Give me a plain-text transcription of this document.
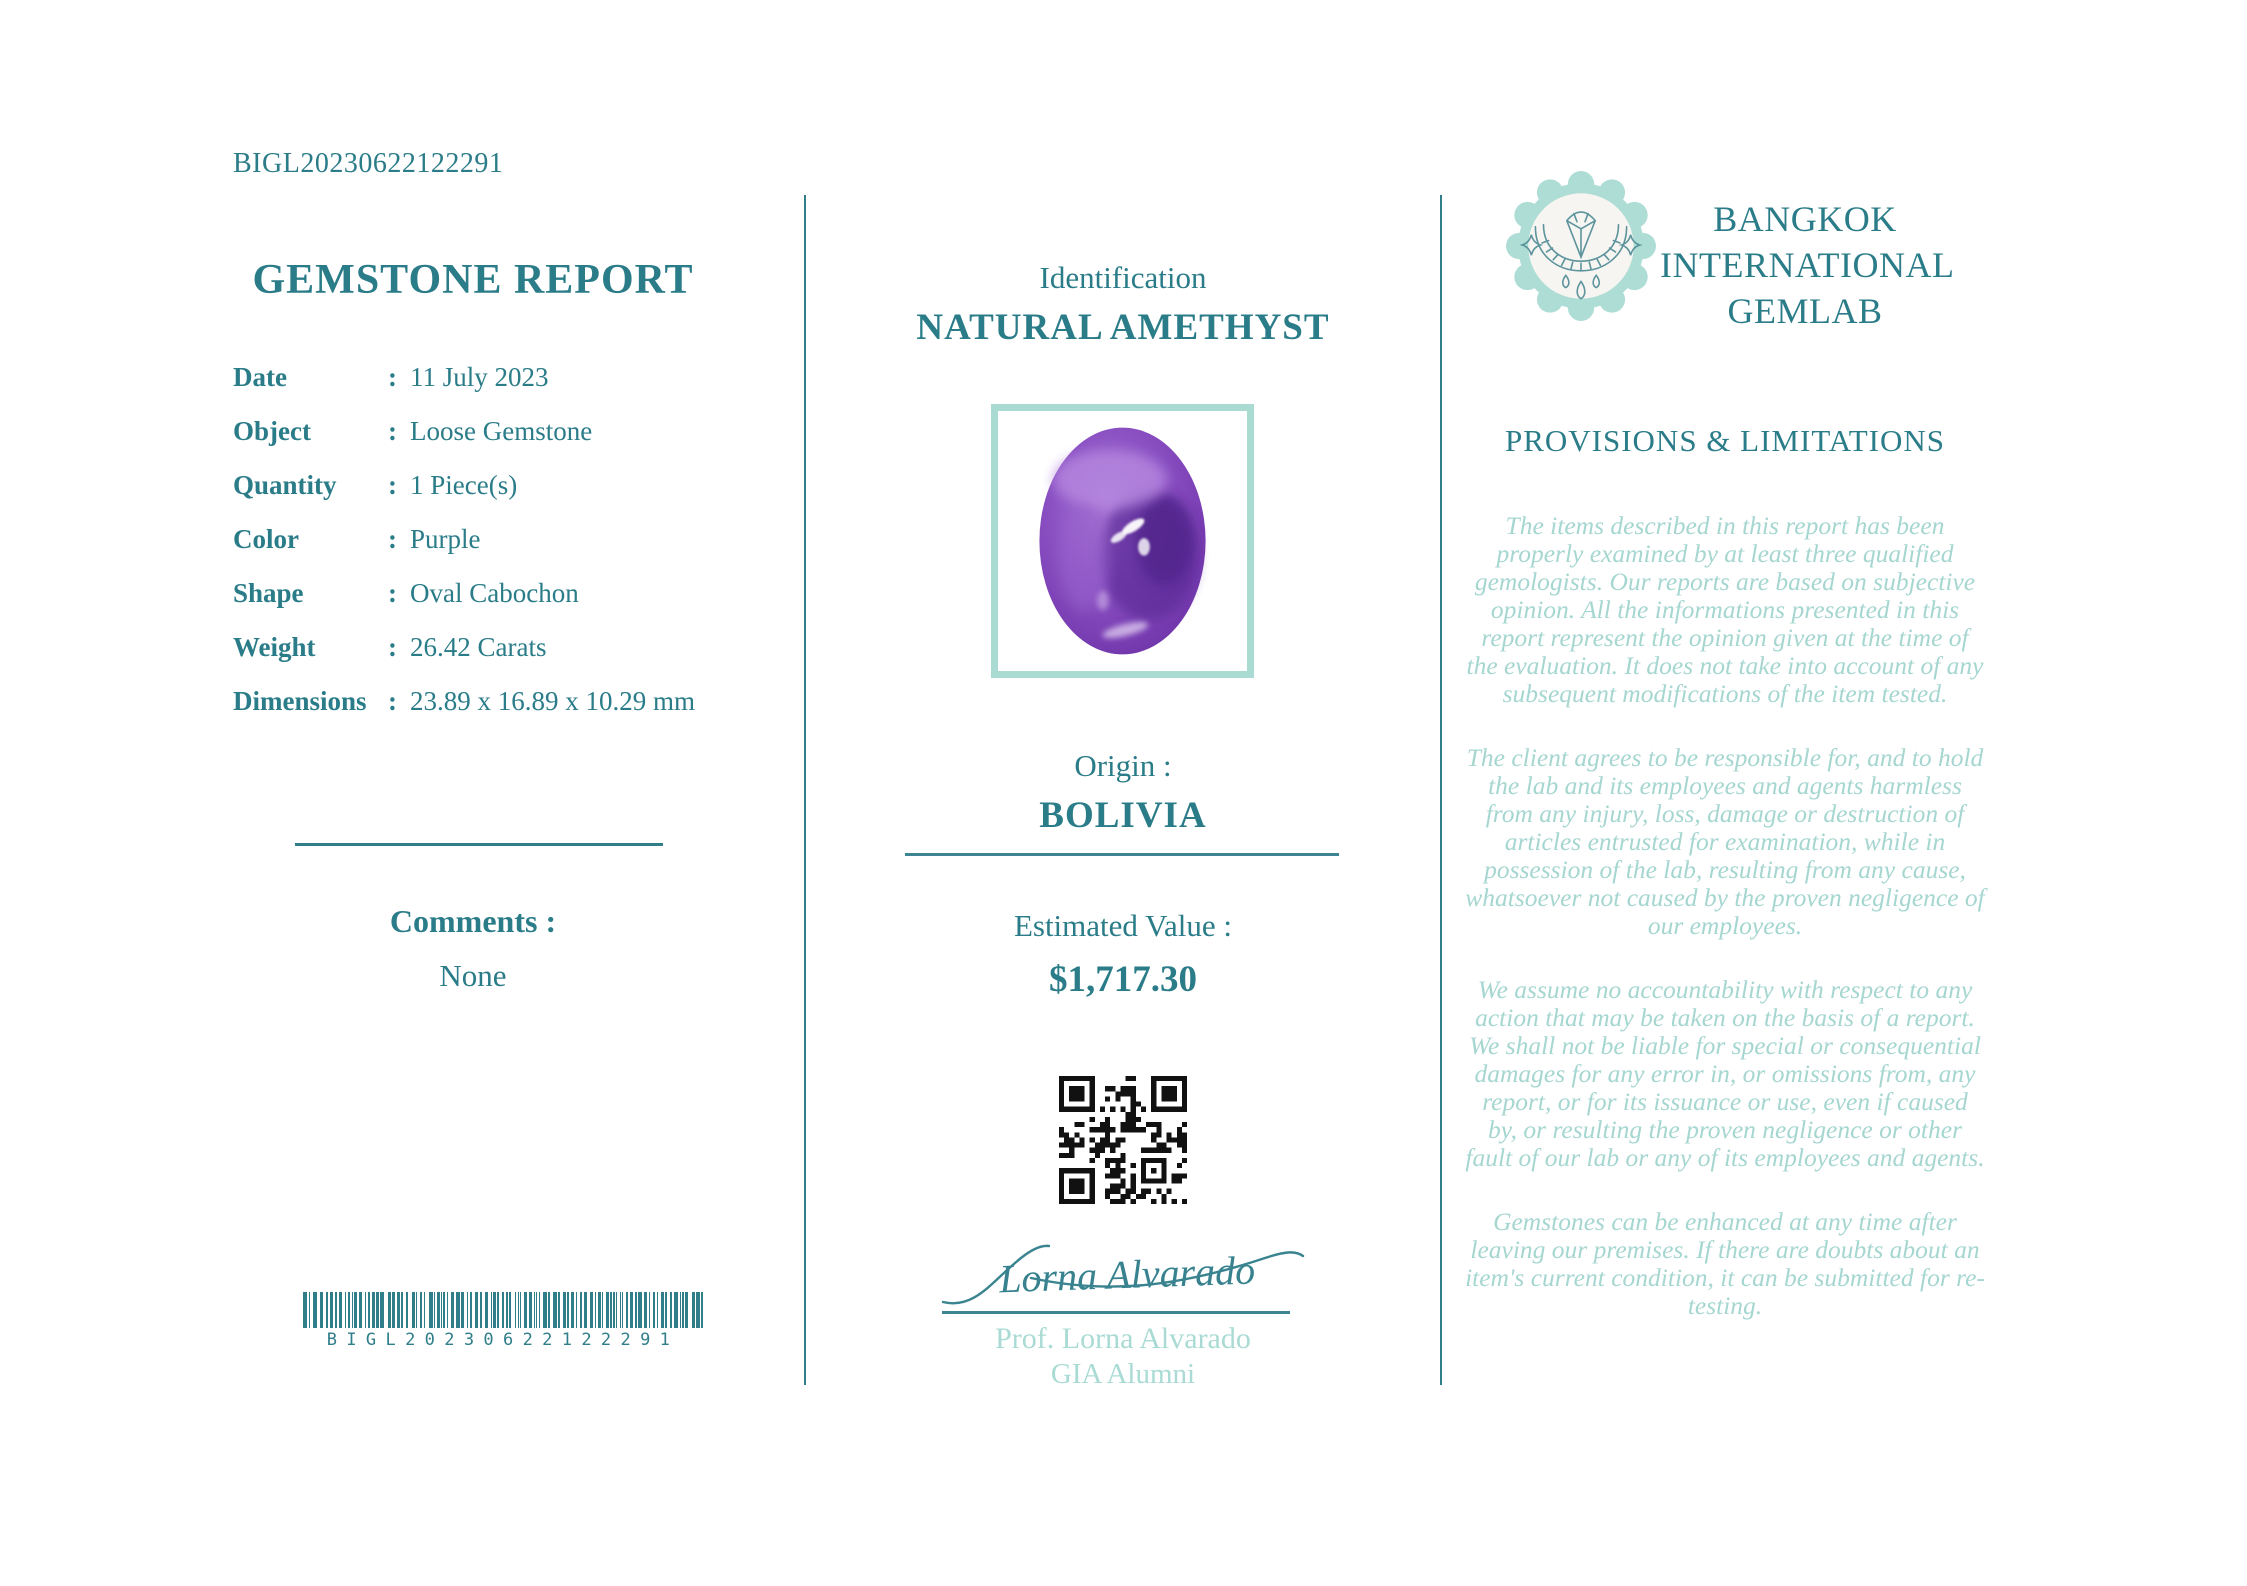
BIGL20230622122291
GEMSTONE REPORT
Date	: 11 July 2023
Object	: Loose Gemstone
Quantity	: 1 Piece(s)
Color	: Purple
Shape	: Oval Cabochon
Weight	: 26.42 Carats
Dimensions : 23.89 x 16.89 x 10.29 mm
Comments :
None
BIGL20230622122291
Identification
NATURAL AMETHYST
Origin :
BOLIVIA
Estimated Value :
$1,717.30
Lorna Alvarado
Prof. Lorna Alvarado
GIA Alumni
BANGKOK
INTERNATIONAL
GEMLAB
PROVISIONS & LIMITATIONS

The items described in this report has been properly examined by at least three qualified gemologists. Our reports are based on subjective opinion. All the informations presented in this report represent the opinion given at the time of the evaluation. It does not take into account of any subsequent modifications of the item tested.

The client agrees to be responsible for, and to hold the lab and its employees and agents harmless from any injury, loss, damage or destruction of articles entrusted for examination, while in possession of the lab, resulting from any cause, whatsoever not caused by the proven negligence of our employees.

We assume no accountability with respect to any action that may be taken on the basis of a report. We shall not be liable for special or consequential damages for any error in, or omissions from, any report, or for its issuance or use, even if caused by, or resulting the proven negligence or other fault of our lab or any of its employees and agents.

Gemstones can be enhanced at any time after leaving our premises. If there are doubts about an item's current condition, it can be submitted for re-testing.
